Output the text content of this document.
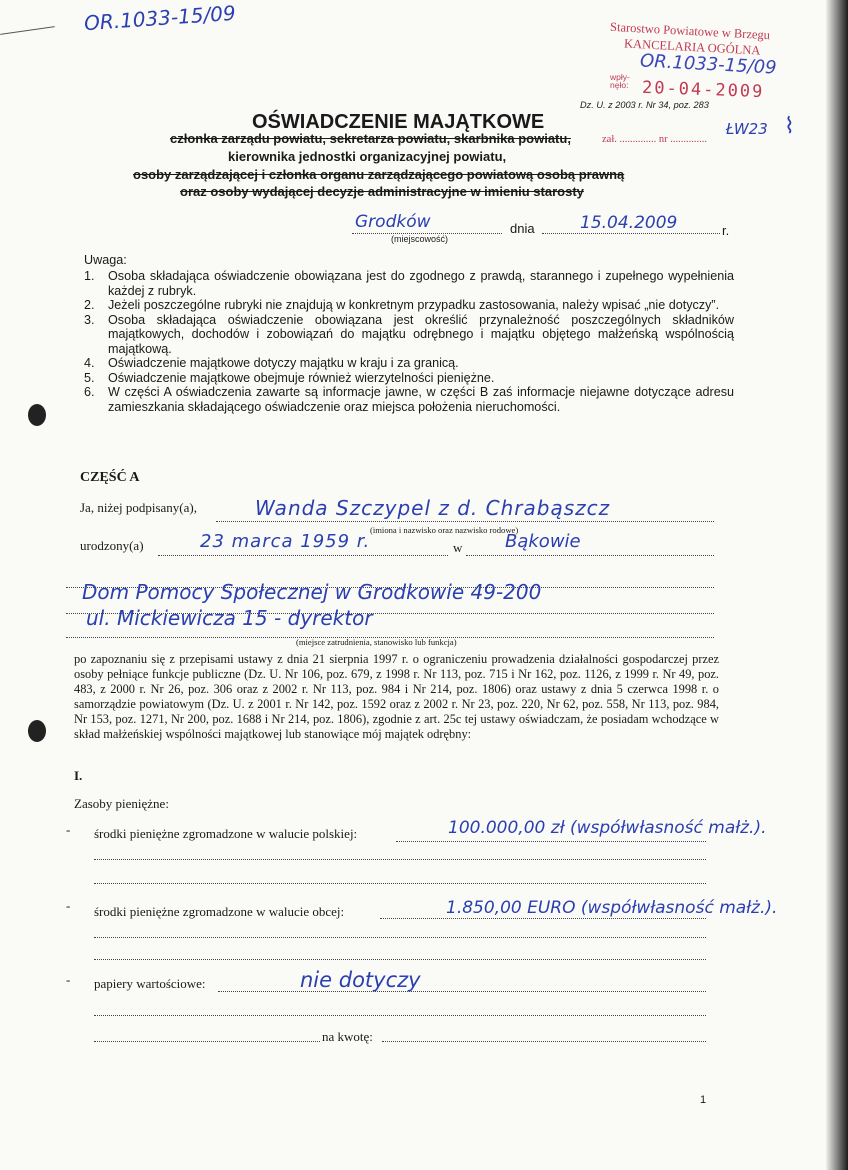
OR.1033-15/09	Starostwo Powiatowe w Brzegu
KANCELARIA OGÓLNA
OR.1033-15/09
wpły-
nęło: 20-04-2009
zał. .............. nr ..............
ŁW23 ⌇
Dz. U. z 2003 r. Nr 34, poz. 283
OŚWIADCZENIE MAJĄTKOWE
członka zarządu powiatu, sekretarza powiatu, skarbnika powiatu,
kierownika jednostki organizacyjnej powiatu,
osoby zarządzającej i członka organu zarządzającego powiatową osobą prawną
oraz osoby wydającej decyzje administracyjne w imieniu starosty
Grodków
(miejscowość)
dnia	15.04.2009	r.
Uwaga:
1.	Osoba składająca oświadczenie obowiązana jest do zgodnego z prawdą, starannego i zupełnego wypełnienia każdej z rubryk.
2.	Jeżeli poszczególne rubryki nie znajdują w konkretnym przypadku zastosowania, należy wpisać „nie dotyczy”.
3.	Osoba składająca oświadczenie obowiązana jest określić przynależność poszczególnych składników majątkowych, dochodów i zobowiązań do majątku odrębnego i majątku objętego małżeńską wspólnością majątkową.
4.	Oświadczenie majątkowe dotyczy majątku w kraju i za granicą.
5.	Oświadczenie majątkowe obejmuje również wierzytelności pieniężne.
6.	W części A oświadczenia zawarte są informacje jawne, w części B zaś informacje niejawne dotyczące adresu zamieszkania składającego oświadczenie oraz miejsca położenia nieruchomości.
CZĘŚĆ A
Ja, niżej podpisany(a),	Wanda Szczypel z d. Chrabąszcz
(imiona i nazwisko oraz nazwisko rodowe)
urodzony(a)	23 marca 1959 r.	w Bąkowie
Dom Pomocy Społecznej w Grodkowie 49-200
ul. Mickiewicza 15 - dyrektor
(miejsce zatrudnienia, stanowisko lub funkcja)
po zapoznaniu się z przepisami ustawy z dnia 21 sierpnia 1997 r. o ograniczeniu prowadzenia działalności gospodarczej przez osoby pełniące funkcje publiczne (Dz. U. Nr 106, poz. 679, z 1998 r. Nr 113, poz. 715 i Nr 162, poz. 1126, z 1999 r. Nr 49, poz. 483, z 2000 r. Nr 26, poz. 306 oraz z 2002 r. Nr 113, poz. 984 i Nr 214, poz. 1806) oraz ustawy z dnia 5 czerwca 1998 r. o samorządzie powiatowym (Dz. U. z 2001 r. Nr 142, poz. 1592 oraz z 2002 r. Nr 23, poz. 220, Nr 62, poz. 558, Nr 113, poz. 984, Nr 153, poz. 1271, Nr 200, poz. 1688 i Nr 214, poz. 1806), zgodnie z art. 25c tej ustawy oświadczam, że posiadam wchodzące w skład małżeńskiej wspólności majątkowej lub stanowiące mój majątek odrębny:
I.
Zasoby pieniężne:
- środki pieniężne zgromadzone w walucie polskiej:	100.000,00 zł (współwłasność małż.).
- środki pieniężne zgromadzone w walucie obcej:	1.850,00 EURO (współwłasność małż.).
- papiery wartościowe:	nie dotyczy
na kwotę:
1
